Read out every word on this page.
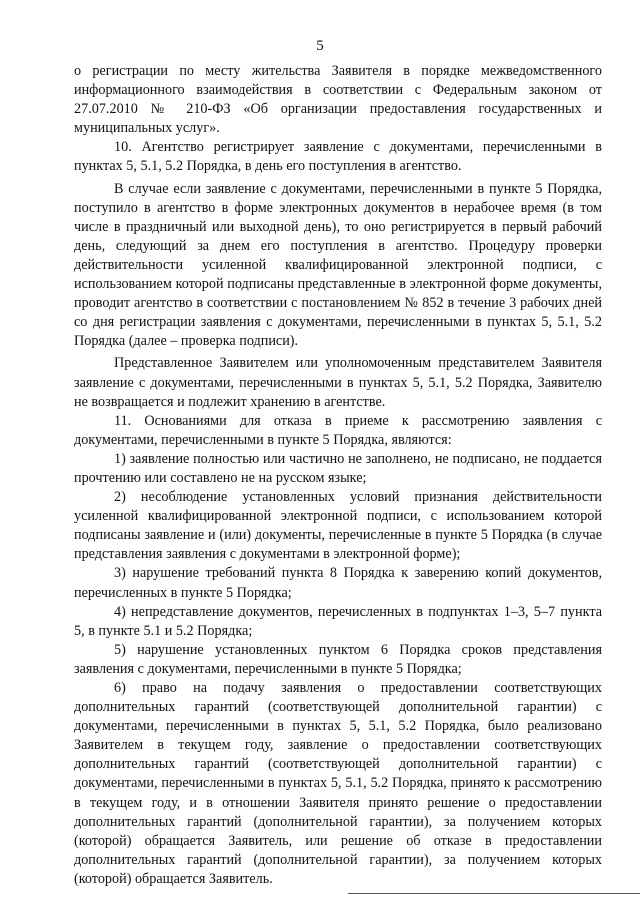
5

о регистрации по месту жительства Заявителя в порядке межведомственного информационного взаимодействия в соответствии с Федеральным законом от 27.07.2010 № 210-ФЗ «Об организации предоставления государственных и муниципальных услуг».

10. Агентство регистрирует заявление с документами, перечисленными в пунктах 5, 5.1, 5.2 Порядка, в день его поступления в агентство.

В случае если заявление с документами, перечисленными в пункте 5 Порядка, поступило в агентство в форме электронных документов в нерабочее время (в том числе в праздничный или выходной день), то оно регистрируется в первый рабочий день, следующий за днем его поступления в агентство. Процедуру проверки действительности усиленной квалифицированной электронной подписи, с использованием которой подписаны представленные в электронной форме документы, проводит агентство в соответствии с постановлением № 852 в течение 3 рабочих дней со дня регистрации заявления с документами, перечисленными в пунктах 5, 5.1, 5.2 Порядка (далее – проверка подписи).

Представленное Заявителем или уполномоченным представителем Заявителя заявление с документами, перечисленными в пунктах 5, 5.1, 5.2 Порядка, Заявителю не возвращается и подлежит хранению в агентстве.

11. Основаниями для отказа в приеме к рассмотрению заявления с документами, перечисленными в пункте 5 Порядка, являются:

1) заявление полностью или частично не заполнено, не подписано, не поддается прочтению или составлено не на русском языке;

2) несоблюдение установленных условий признания действительности усиленной квалифицированной электронной подписи, с использованием которой подписаны заявление и (или) документы, перечисленные в пункте 5 Порядка (в случае представления заявления с документами в электронной форме);

3) нарушение требований пункта 8 Порядка к заверению копий документов, перечисленных в пункте 5 Порядка;

4) непредставление документов, перечисленных в подпунктах 1–3, 5–7 пункта 5, в пункте 5.1 и 5.2 Порядка;

5) нарушение установленных пунктом 6 Порядка сроков представления заявления с документами, перечисленными в пункте 5 Порядка;

6) право на подачу заявления о предоставлении соответствующих дополнительных гарантий (соответствующей дополнительной гарантии) с документами, перечисленными в пунктах 5, 5.1, 5.2 Порядка, было реализовано Заявителем в текущем году, заявление о предоставлении соответствующих дополнительных гарантий (соответствующей дополнительной гарантии) с документами, перечисленными в пунктах 5, 5.1, 5.2 Порядка, принято к рассмотрению в текущем году, и в отношении Заявителя принято решение о предоставлении дополнительных гарантий (дополнительной гарантии), за получением которых (которой) обращается Заявитель, или решение об отказе в предоставлении дополнительных гарантий (дополнительной гарантии), за получением которых (которой) обращается Заявитель.
